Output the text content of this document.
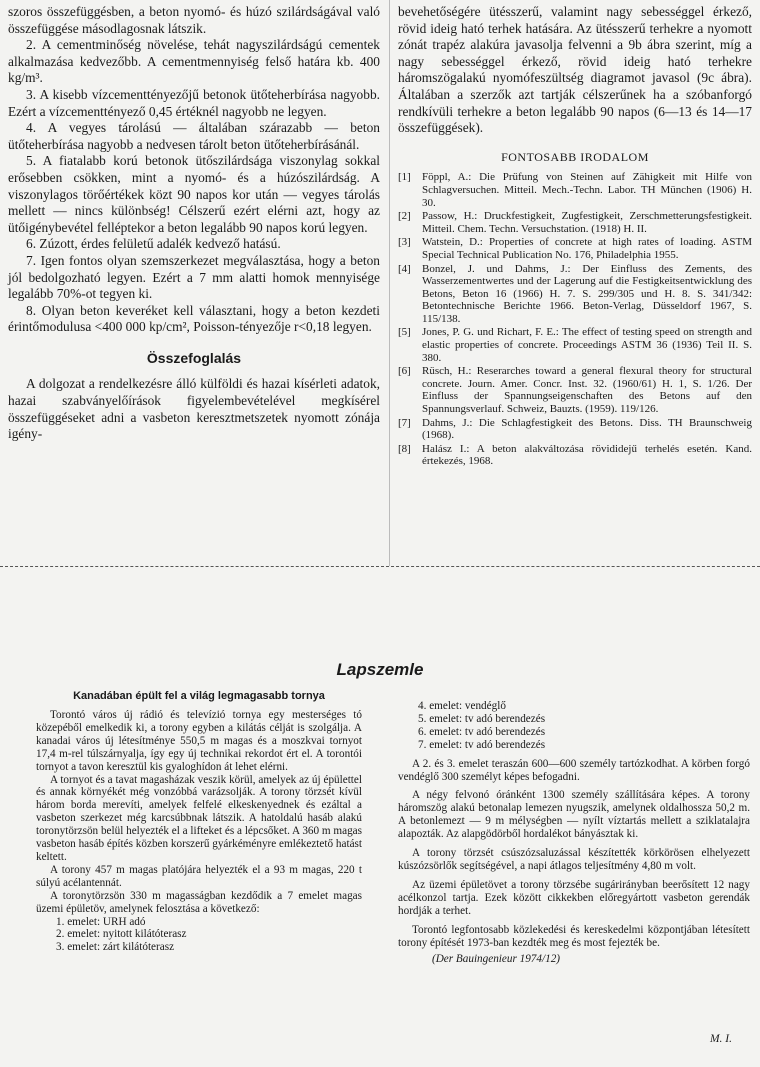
szoros összefüggésben, a beton nyomó- és húzó szilárdságával való összefüggése másodlagosnak látszik.

2. A cementminőség növelése, tehát nagyszilárdságú cementek alkalmazása kedvezőbb. A cementmennyiség felső határa kb. 400 kg/m³.

3. A kisebb vízcementtényezőjű betonok ütőteherbírása nagyobb. Ezért a vízcementtényező 0,45 értéknél nagyobb ne legyen.

4. A vegyes tárolású — általában szárazabb — beton ütőteherbírása nagyobb a nedvesen tárolt beton ütőteherbírásánál.

5. A fiatalabb korú betonok ütőszilárdsága viszonylag sokkal erősebben csökken, mint a nyomó- és a húzószilárdság. A viszonylagos törőértékek közt 90 napos kor után — vegyes tárolás mellett — nincs különbség! Célszerű ezért elérni azt, hogy az ütőigénybevétel felléptekor a beton legalább 90 napos korú legyen.

6. Zúzott, érdes felületű adalék kedvező hatású.

7. Igen fontos olyan szemszerkezet megválasztása, hogy a beton jól bedolgozható legyen. Ezért a 7 mm alatti homok mennyisége legalább 70%-ot tegyen ki.

8. Olyan beton keveréket kell választani, hogy a beton kezdeti érintőmodulusa <400 000 kp/cm², Poisson-tényezője r<0,18 legyen.

Összefoglalás

A dolgozat a rendelkezésre álló külföldi és hazai kísérleti adatok, hazai szabványelőírások figyelembevételével megkísérel összefüggéseket adni a vasbeton keresztmetszetek nyomott zónája igény-

bevehetőségére ütésszerű, valamint nagy sebességgel érkező, rövid ideig ható terhek hatására. Az ütésszerű terhekre a nyomott zónát trapéz alakúra javasolja felvenni a 9b ábra szerint, míg a nagy sebességgel érkező, rövid ideig ható terhekre háromszögalakú nyomófeszültség diagramot javasol (9c ábra). Általában a szerzők azt tartják célszerűnek ha a szóbanforgó rendkívüli terhekre a beton legalább 90 napos (6—13 és 14—17 összefüggések).

FONTOSABB IRODALOM
[1]	Föppl, A.: Die Prüfung von Steinen auf Zähigkeit mit Hilfe von Schlagversuchen. Mitteil. Mech.-Techn. Labor. TH München (1906) H. 30.
[2]	Passow, H.: Druckfestigkeit, Zugfestigkeit, Zerschmetterungsfestigkeit. Mitteil. Chem. Techn. Versuchstation. (1918) H. II.
[3]	Watstein, D.: Properties of concrete at high rates of loading. ASTM Special Technical Publication No. 176, Philadelphia 1955.
[4]	Bonzel, J. und Dahms, J.: Der Einfluss des Zements, des Wasserzementwertes und der Lagerung auf die Festigkeitsentwicklung des Betons, Beton 16 (1966) H. 7. S. 299/305 und H. 8. S. 341/342: Betontechnische Berichte 1966. Beton-Verlag, Düsseldorf 1967, S. 115/138.
[5]	Jones, P. G. und Richart, F. E.: The effect of testing speed on strength and elastic properties of concrete. Proceedings ASTM 36 (1936) Teil II. S. 380.
[6]	Rüsch, H.: Reserarches toward a general flexural theory for structural concrete. Journ. Amer. Concr. Inst. 32. (1960/61) H. 1, S. 1/26. Der Einfluss der Spannungseigenschaften des Betons auf den Spannungsverlauf. Schweiz, Bauzts. (1959). 119/126.
[7]	Dahms, J.: Die Schlagfestigkeit des Betons. Diss. TH Braunschweig (1968).
[8]	Halász I.: A beton alakváltozása rövididejű terhelés esetén. Kand. értekezés, 1968.
Lapszemle
Kanadában épült fel a világ legmagasabb tornya

Torontó város új rádió és televízió tornya egy mesterséges tó közepéből emelkedik ki, a torony egyben a kilátás célját is szolgálja. A kanadai város új létesítménye 550,5 m magas és a moszkvai tornyot 17,4 m-rel túlszárnyalja, így egy új technikai rekordot ért el. A torontói tornyot a tavon keresztül kis gyaloghídon át lehet elérni.

A tornyot és a tavat magasházak veszik körül, amelyek az új épülettel és annak környékét még vonzóbbá varázsolják. A torony törzsét kívül három borda merevíti, amelyek felfelé elkeskenyednek és ezáltal a vasbeton szerkezet még karcsúbbnak látszik. A hatoldalú hasáb alakú toronytörzsön belül helyezték el a lifteket és a lépcsőket. A 360 m magas vasbeton hasáb építés közben korszerű gyárkéményre emlékeztető hatást keltett.

A torony 457 m magas platójára helyezték el a 93 m magas, 220 t súlyú acélantennát.

A toronytörzsön 330 m magasságban kezdődik a 7 emelet magas üzemi épületöv, amelynek felosztása a következő:

1. emelet: URH adó
2. emelet: nyitott kilátóterasz
3. emelet: zárt kilátóterasz
4. emelet: vendéglő
5. emelet: tv adó berendezés
6. emelet: tv adó berendezés
7. emelet: tv adó berendezés

A 2. és 3. emelet teraszán 600—600 személy tartózkodhat. A körben forgó vendéglő 300 személyt képes befogadni.

A négy felvonó óránként 1300 személy szállítására képes. A torony háromszög alakú betonalap lemezen nyugszik, amelynek oldalhossza 50,2 m. A betonlemezt — 9 m mélységben — nyílt víztartás mellett a sziklatalajra alapozták. Az alapgödörből hordalékot bányásztak ki.

A torony törzsét csúszózsaluzással készítették körkörösen elhelyezett kúszózsörlők segítségével, a napi átlagos teljesítmény 4,80 m volt.

Az üzemi épületövet a torony törzsébe sugárirányban beerősített 12 nagy acélkonzol tartja. Ezek között cikkekben előregyártott vasbeton gerendák hordják a terhet.

Torontó legfontosabb közlekedési és kereskedelmi központjában létesített torony építését 1973-ban kezdték meg és most fejezték be.

(Der Bauingenieur 1974/12)

M. I.
